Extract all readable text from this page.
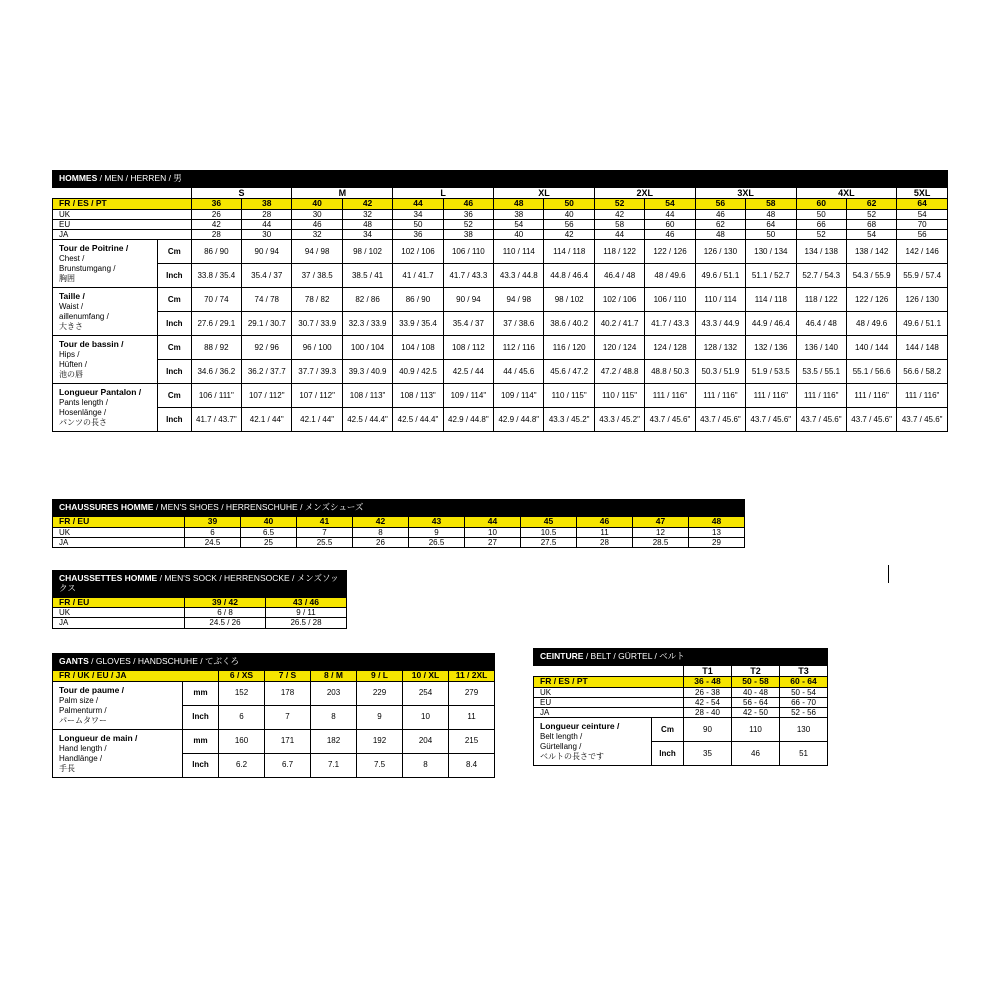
HOMMES / MEN / HERREN / 男																
		S		M		L		XL		2XL		3XL		4XL		5XL
FR / ES / PT		36	38	40	42	44	46	48	50	52	54	56	58	60	62	64
UK		26	28	30	32	34	36	38	40	42	44	46	48	50	52	54
EU		42	44	46	48	50	52	54	56	58	60	62	64	66	68	70
JA		28	30	32	34	36	38	40	42	44	46	48	50	52	54	56
Tour de Poitrine /
Chest /
Brunstumgang /
胸囲	Cm	86 / 90	90 / 94	94 / 98	98 / 102	102 / 106	106 / 110	110 / 114	114 / 118	118 / 122	122 / 126	126 / 130	130 / 134	134 / 138	138 / 142	142 / 146
	Inch	33.8 / 35.4	35.4 / 37	37 / 38.5	38.5 / 41	41 / 41.7	41.7 / 43.3	43.3 / 44.8	44.8 / 46.4	46.4 / 48	48 / 49.6	49.6 / 51.1	51.1 / 52.7	52.7 / 54.3	54.3 / 55.9	55.9 / 57.4
Taille /
Waist /
aillenumfang /
大きさ	Cm	70 / 74	74 / 78	78 / 82	82 / 86	86 / 90	90 / 94	94 / 98	98 / 102	102 / 106	106 / 110	110 / 114	114 / 118	118 / 122	122 / 126	126 / 130
	Inch	27.6 / 29.1	29.1 / 30.7	30.7 / 33.9	32.3 / 33.9	33.9 / 35.4	35.4 / 37	37 / 38.6	38.6 / 40.2	40.2 / 41.7	41.7 / 43.3	43.3 / 44.9	44.9 / 46.4	46.4 / 48	48 / 49.6	49.6 / 51.1
Tour de bassin /
Hips /
Hüften /
池の唇	Cm	88 / 92	92 / 96	96 / 100	100 / 104	104 / 108	108 / 112	112 / 116	116 / 120	120 / 124	124 / 128	128 / 132	132 / 136	136 / 140	140 / 144	144 / 148
	Inch	34.6 / 36.2	36.2 / 37.7	37.7 / 39.3	39.3 / 40.9	40.9 / 42.5	42.5 / 44	44 / 45.6	45.6 / 47.2	47.2 / 48.8	48.8 / 50.3	50.3 / 51.9	51.9 / 53.5	53.5 / 55.1	55.1 / 56.6	56.6 / 58.2
Longueur Pantalon /
Pants length /
Hosenlänge /
パンツの長さ	Cm	106 / 111"	107 / 112"	107 / 112"	108 / 113"	108 / 113"	109 / 114"	109 / 114"	110 / 115"	110 / 115"	111 / 116"	111 / 116"	111 / 116"	111 / 116"	111 / 116"	111 / 116"
	Inch	41.7 / 43.7"	42.1 / 44"	42.1 / 44"	42.5 / 44.4"	42.5 / 44.4"	42.9 / 44.8"	42.9 / 44.8"	43.3 / 45.2"	43.3 / 45.2"	43.7 / 45.6"	43.7 / 45.6"	43.7 / 45.6"	43.7 / 45.6"	43.7 / 45.6"	43.7 / 45.6"
CHAUSSURES HOMME / MEN'S SHOES / HERRENSCHUHE / メンズシューズ										
FR / EU	39	40	41	42	43	44	45	46	47	48
UK	6	6.5	7	8	9	10	10.5	11	12	13
JA	24.5	25	25.5	26	26.5	27	27.5	28	28.5	29
CHAUSSETTES HOMME / MEN'S SOCK / HERRENSOCKE / メンズソックス		
FR / EU	39 / 42	43 / 46
UK	6 / 8	9 / 11
JA	24.5 / 26	26.5 / 28
GANTS / GLOVES / HANDSCHUHE / てぶくろ							
FR / UK / EU / JA		6 / XS	7 / S	8 / M	9 / L	10 / XL	11 / 2XL
Tour de paume /
Palm size /
Palmenturm /
パームタワー	mm	152	178	203	229	254	279
	Inch	6	7	8	9	10	11
Longueur de main /
Hand length /
Handlänge /
手長	mm	160	171	182	192	204	215
	Inch	6.2	6.7	7.1	7.5	8	8.4
CEINTURE / BELT / GÜRTEL / ベルト				
		T1	T2	T3
FR / ES / PT		36 - 48	50 - 58	60 - 64
UK		26 - 38	40 - 48	50 - 54
EU		42 - 54	56 - 64	66 - 70
JA		28 - 40	42 - 50	52 - 56
Longueur ceinture /
Belt length /
Gürtellang /
ベルトの長さです	Cm	90	110	130
	Inch	35	46	51
